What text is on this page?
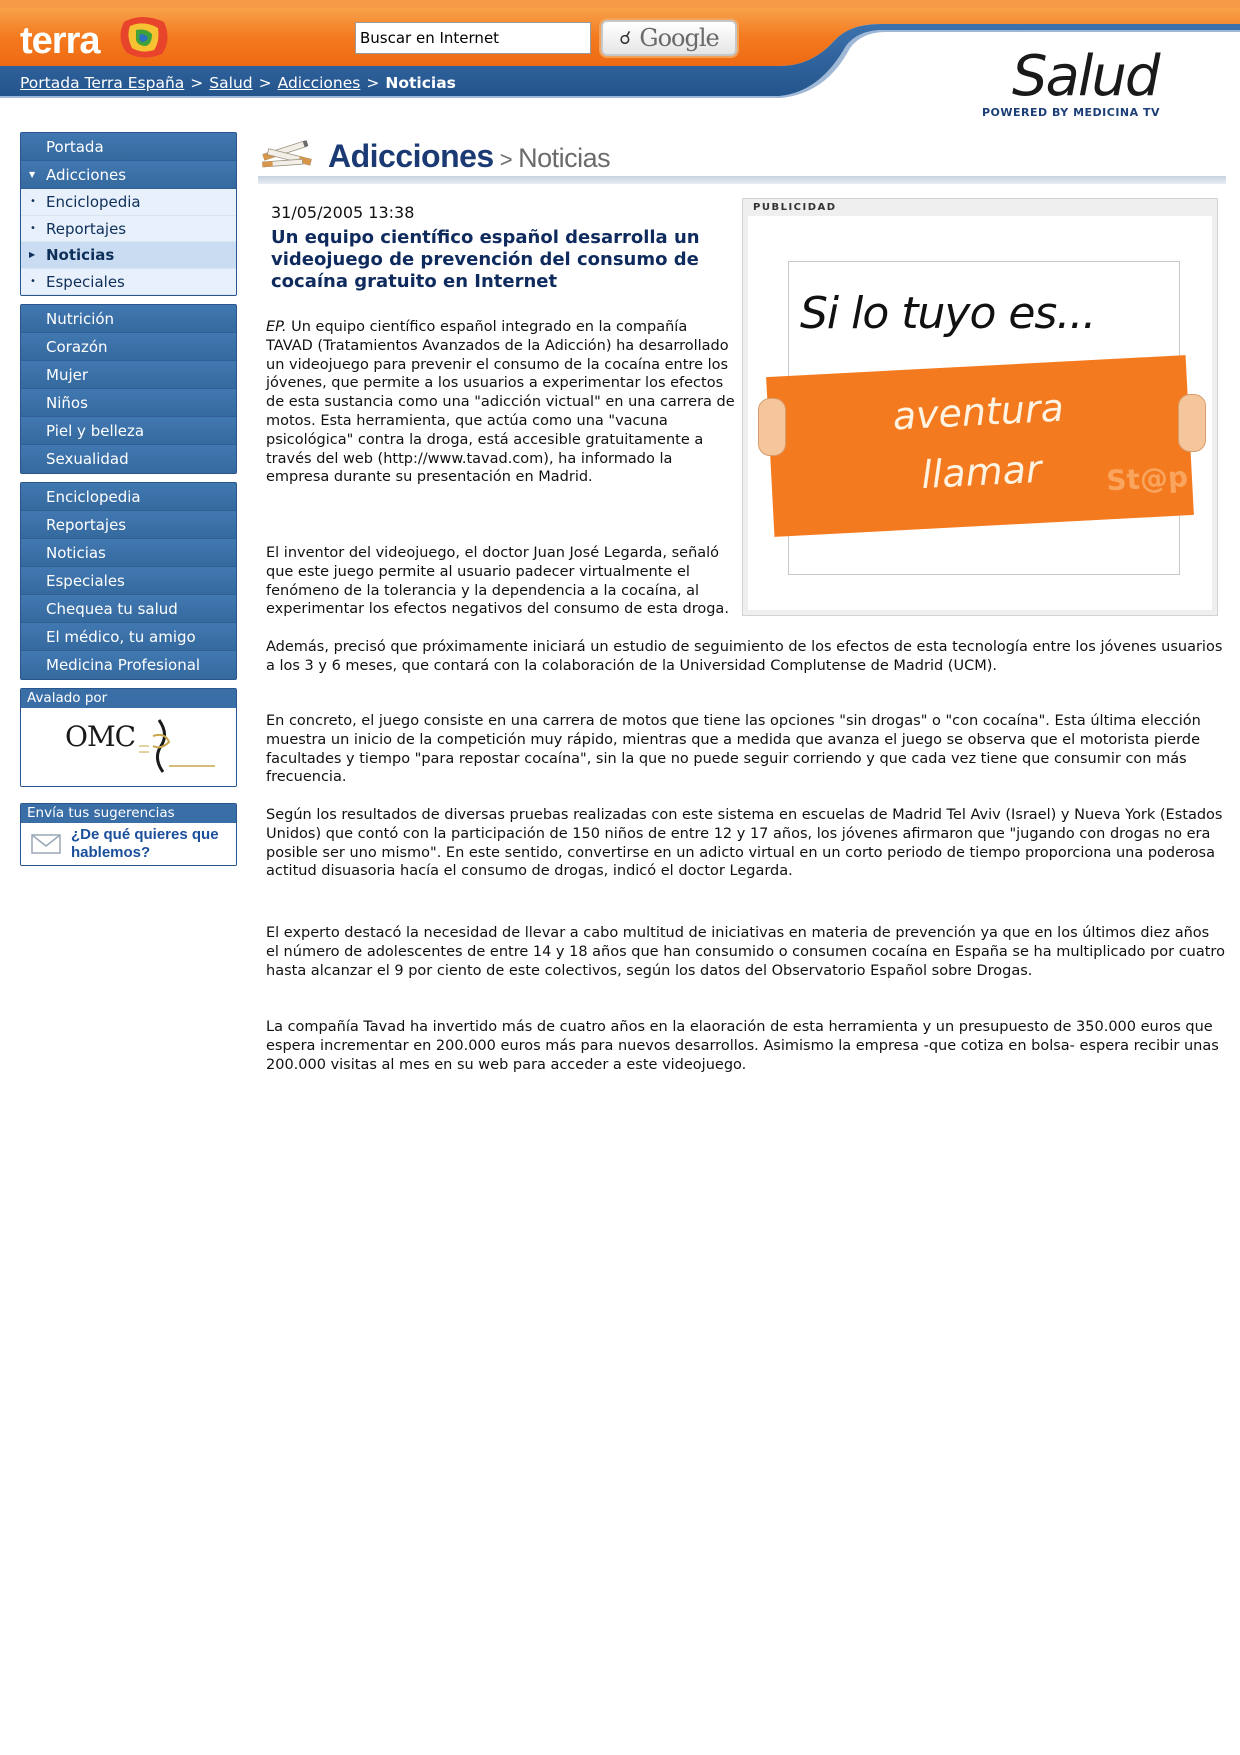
terra
Buscar en Internet	☌ Google
Portada Terra España > Salud > Adicciones > Noticias	Salud
POWERED BY MEDICINA TV
Portada
▼ Adicciones
• Enciclopedia
• Reportajes
▶ Noticias
• Especiales
Nutrición
Corazón
Mujer
Niños
Piel y belleza
Sexualidad
Enciclopedia
Reportajes
Noticias
Especiales
Chequea tu salud
El médico, tu amigo
Medicina Profesional
Avalado por
OMC
Envía tus sugerencias
¿De qué quieres que hablemos?
Adicciones > Noticias
PUBLICIDAD
Si lo tuyo es...
aventura
llamar	St@p
31/05/2005 13:38
Un equipo científico español desarrolla un videojuego de prevención del consumo de cocaína gratuito en Internet
EP. Un equipo científico español integrado en la compañía TAVAD (Tratamientos Avanzados de la Adicción) ha desarrollado un videojuego para prevenir el consumo de la cocaína entre los jóvenes, que permite a los usuarios a experimentar los efectos de esta sustancia como una "adicción victual" en una carrera de motos. Esta herramienta, que actúa como una "vacuna psicológica" contra la droga, está accesible gratuitamente a través del web (http://www.tavad.com), ha informado la empresa durante su presentación en Madrid.
El inventor del videojuego, el doctor Juan José Legarda, señaló que este juego permite al usuario padecer virtualmente el fenómeno de la tolerancia y la dependencia a la cocaína, al experimentar los efectos negativos del consumo de esta droga.
Además, precisó que próximamente iniciará un estudio de seguimiento de los efectos de esta tecnología entre los jóvenes usuarios a los 3 y 6 meses, que contará con la colaboración de la Universidad Complutense de Madrid (UCM).
En concreto, el juego consiste en una carrera de motos que tiene las opciones "sin drogas" o "con cocaína". Esta última elección muestra un inicio de la competición muy rápido, mientras que a medida que avanza el juego se observa que el motorista pierde facultades y tiempo "para repostar cocaína", sin la que no puede seguir corriendo y que cada vez tiene que consumir con más frecuencia.
Según los resultados de diversas pruebas realizadas con este sistema en escuelas de Madrid Tel Aviv (Israel) y Nueva York (Estados Unidos) que contó con la participación de 150 niños de entre 12 y 17 años, los jóvenes afirmaron que "jugando con drogas no era posible ser uno mismo". En este sentido, convertirse en un adicto virtual en un corto periodo de tiempo proporciona una poderosa actitud disuasoria hacía el consumo de drogas, indicó el doctor Legarda.
El experto destacó la necesidad de llevar a cabo multitud de iniciativas en materia de prevención ya que en los últimos diez años el número de adolescentes de entre 14 y 18 años que han consumido o consumen cocaína en España se ha multiplicado por cuatro hasta alcanzar el 9 por ciento de este colectivos, según los datos del Observatorio Español sobre Drogas.
La compañía Tavad ha invertido más de cuatro años en la elaoración de esta herramienta y un presupuesto de 350.000 euros que espera incrementar en 200.000 euros más para nuevos desarrollos. Asimismo la empresa -que cotiza en bolsa- espera recibir unas 200.000 visitas al mes en su web para acceder a este videojuego.
